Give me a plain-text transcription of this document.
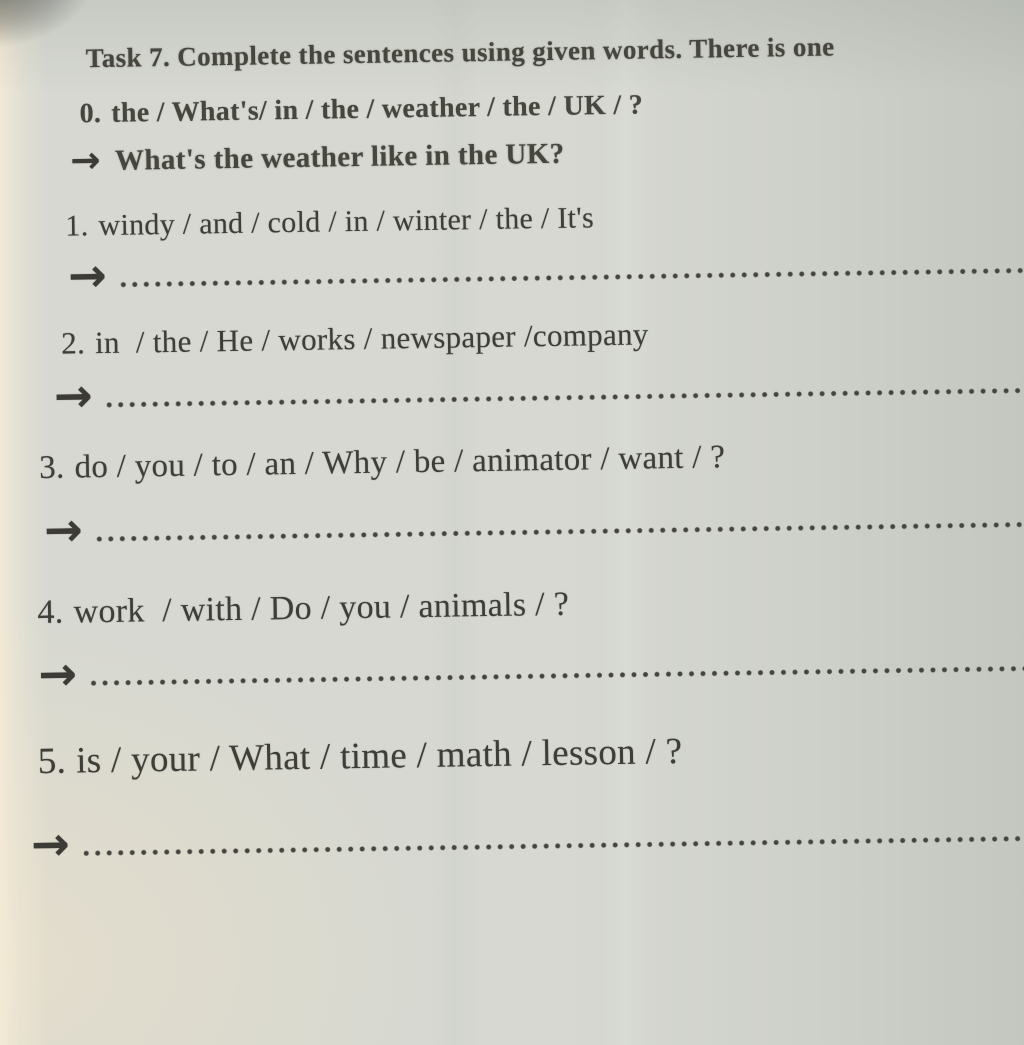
Task 7. Complete the sentences using given words. There is one
0. the / What's/ in / the / weather / the / UK / ?
→ What's the weather like in the UK?
1. windy / and / cold / in / winter / the / It's
→
2. in  / the / He / works / newspaper /company
→
3. do / you / to / an / Why / be / animator / want / ?
→
4. work  / with / Do / you / animals / ?
→
5. is / your / What / time / math / lesson / ?
→
